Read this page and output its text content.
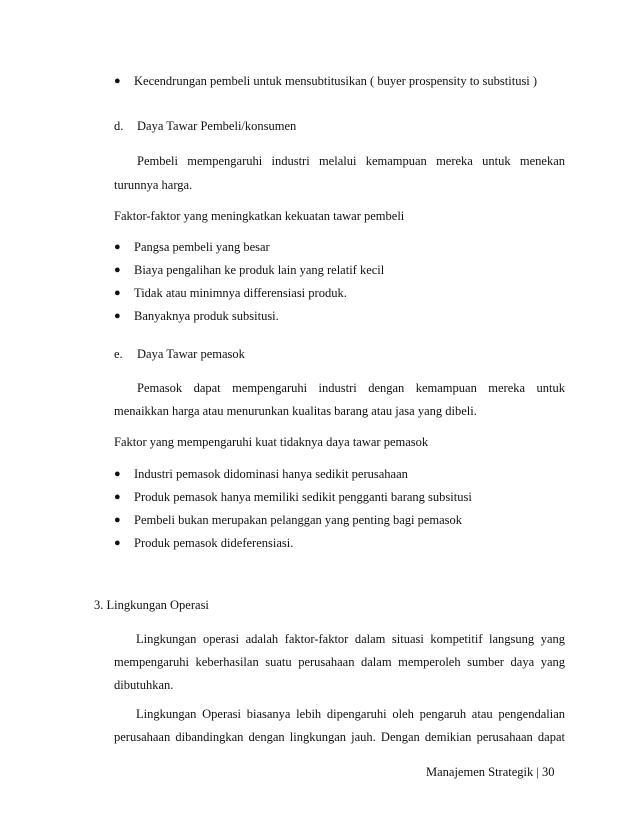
● Kecendrungan pembeli untuk mensubtitusikan ( buyer prospensity to substitusi )
d. Daya Tawar Pembeli/konsumen
Pembeli mempengaruhi industri melalui kemampuan mereka untuk menekan
turunnya harga.
Faktor-faktor yang meningkatkan kekuatan tawar pembeli
● Pangsa pembeli yang besar
● Biaya pengalihan ke produk lain yang relatif kecil
● Tidak atau minimnya differensiasi produk.
● Banyaknya produk subsitusi.
e. Daya Tawar pemasok
Pemasok dapat mempengaruhi industri dengan kemampuan mereka untuk
menaikkan harga atau menurunkan kualitas barang atau jasa yang dibeli.
Faktor yang mempengaruhi kuat tidaknya daya tawar pemasok
● Industri pemasok didominasi hanya sedikit perusahaan
● Produk pemasok hanya memiliki sedikit pengganti barang subsitusi
● Pembeli bukan merupakan pelanggan yang penting bagi pemasok
● Produk pemasok dideferensiasi.
3. Lingkungan Operasi
Lingkungan operasi adalah faktor-faktor dalam situasi kompetitif langsung yang
mempengaruhi keberhasilan suatu perusahaan dalam memperoleh sumber daya yang
dibutuhkan.
Lingkungan Operasi biasanya lebih dipengaruhi oleh pengaruh atau pengendalian
perusahaan dibandingkan dengan lingkungan jauh. Dengan demikian perusahaan dapat
Manajemen Strategik | 30
